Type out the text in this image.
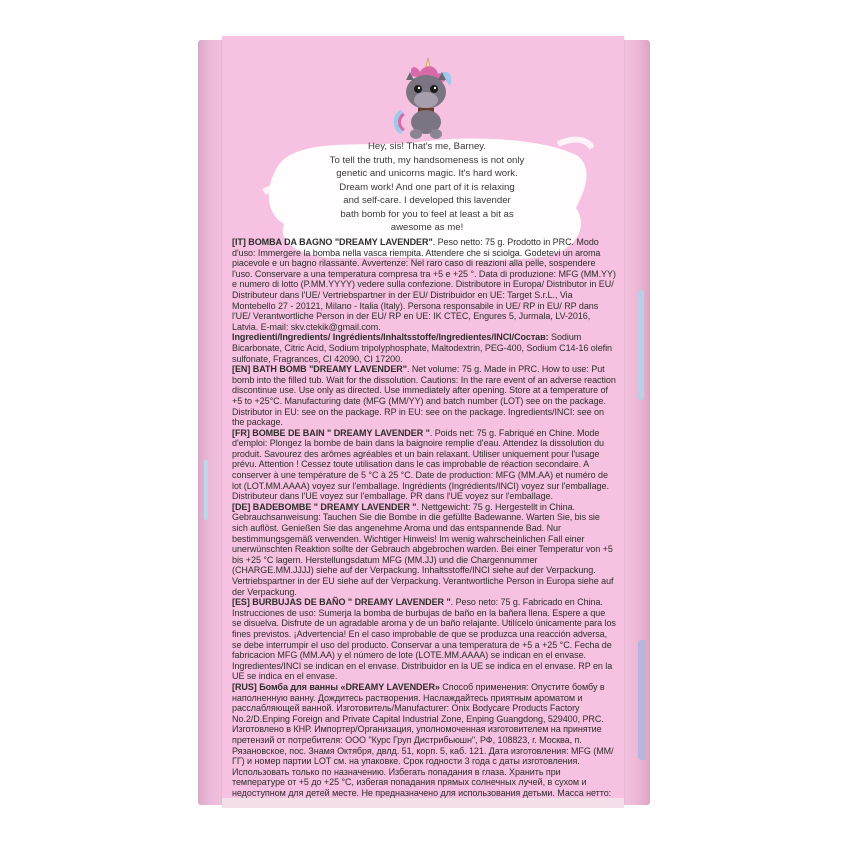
Hey, sis! That's me, Barney.
To tell the truth, my handsomeness is not only
genetic and unicorns magic. It's hard work.
Dream work! And one part of it is relaxing
and self-care. I developed this lavender
bath bomb for you to feel at least a bit as
awesome as me!

[IT] BOMBA DA BAGNO "DREAMY LAVENDER". Peso netto: 75 g. Prodotto in PRC. Modo d'uso: Immergere la bomba nella vasca riempita. Attendere che si sciolga. Godetevi un aroma piacevole e un bagno rilassante. Avvertenze: Nel raro caso di reazioni alla pelle, sospendere l'uso. Conservare a una temperatura compresa tra +5 e +25 °. Data di produzione: MFG (MM.YY) e numero di lotto (P.MM.YYYY) vedere sulla confezione. Distributore in Europa/ Distributor in EU/ Distributeur dans l'UE/ Vertriebspartner in der EU/ Distribuidor en UE: Target S.r.L., Via Montebello 27 - 20121, Milano - Italia (Italy). Persona responsabile in UE/ RP in EU/ RP dans l'UE/ Verantwortliche Person in der EU/ RP en UE: IK CTEC, Engures 5, Jurmala, LV-2016, Latvia. E-mail: skv.ctekik@gmail.com.

Ingredienti/Ingredients/ Ingrédients/Inhaltsstoffe/Ingredientes/INCI/Состав: Sodium Bicarbonate, Citric Acid, Sodium tripolyphosphate, Maltodextrin, PEG-400, Sodium C14-16 olefin sulfonate, Fragrances, CI 42090, CI 17200.

[EN] BATH BOMB "DREAMY LAVENDER". Net volume: 75 g. Made in PRC. How to use: Put bomb into the filled tub. Wait for the dissolution. Cautions: In the rare event of an adverse reaction discontinue use. Use only as directed. Use immediately after opening. Store at a temperature of +5 to +25°C. Manufacturing date (MFG (MM/YY) and batch number (LOT) see on the package. Distributor in EU: see on the package. RP in EU: see on the package. Ingredients/INCI: see on the package.

[FR] BOMBE DE BAIN " DREAMY LAVENDER ". Poids net: 75 g. Fabriqué en Chine. Mode d'emploi: Plongez la bombe de bain dans la baignoire remplie d'eau. Attendez la dissolution du produit. Savourez des arômes agréables et un bain relaxant. Utiliser uniquement pour l'usage prévu. Attention ! Cessez toute utilisation dans le cas improbable de réaction secondaire. A conserver à une température de 5 °C à 25 °C. Date de production: MFG (MM.AA) et numéro de lot (LOT.MM.AAAA) voyez sur l'emballage. Ingrédients (Ingrédients/INCI) voyez sur l'emballage. Distributeur dans l'UE voyez sur l'emballage. PR dans l'UE voyez sur l'emballage.

[DE] BADEBOMBE " DREAMY LAVENDER ". Nettgewicht: 75 g. Hergestellt in China. Gebrauchsanweisung: Tauchen Sie die Bombe in die gefüllte Badewanne. Warten Sie, bis sie sich auflöst. Genießen Sie das angenehme Aroma und das entspannende Bad. Nur bestimmungsgemäß verwenden. Wichtiger Hinweis! Im wenig wahrscheinlichen Fall einer unerwünschten Reaktion sollte der Gebrauch abgebrochen warden. Bei einer Temperatur von +5 bis +25 °C lagern. Herstellungsdatum MFG (MM.JJ) und die Chargennummer (CHARGE.MM.JJJJ) siehe auf der Verpackung. Inhaltsstoffe/INCI siehe auf der Verpackung. Vertriebspartner in der EU siehe auf der Verpackung. Verantwortliche Person in Europa siehe auf der Verpackung.

[ES] BURBUJAS DE BAÑO " DREAMY LAVENDER ". Peso neto: 75 g. Fabricado en China. Instrucciones de uso: Sumerja la bomba de burbujas de baño en la bañera llena. Espere a que se disuelva. Disfrute de un agradable aroma y de un baño relajante. Utilícelo únicamente para los fines previstos. ¡Advertencia! En el caso improbable de que se produzca una reacción adversa, se debe interrumpir el uso del producto. Conservar a una temperatura de +5 a +25 °C. Fecha de fabricacion MFG (MM.AA) y el número de lote (LOTE.MM.AAAA) se indican en el envase. Ingredientes/INCI se indican en el envase. Distribuidor en la UE se indica en el envase. RP en la UE se indica en el envase.

[RUS] Бомба для ванны «DREAMY LAVENDER» Способ применения: Опустите бомбу в наполненную ванну. Дождитесь растворения. Наслаждайтесь приятным ароматом и расслабляющей ванной. Изготовитель/Manufacturer: Onix Bodycare Products Factory No.2/D.Enping Foreign and Private Capital Industrial Zone, Enping Guangdong, 529400, PRC. Изготовлено в КНР. Импортер/Организация, уполномоченная изготовителем на принятие претензий от потребителя: ООО "Курс Груп Дистрибьюшн", РФ, 108823, г. Москва, п. Рязановское, пос. Знамя Октября, двлд. 51, корп. 5, каб. 121. Дата изготовления: MFG (ММ/ГГ) и номер партии LOT см. на упаковке. Срок годности 3 года с даты изготовления. Использовать только по назначению. Избегать попадания в глаза. Хранить при температуре от +5 до +25 °С, избегая попадания прямых солнечных лучей, в сухом и недоступном для детей месте. Не предназначено для использования детьми. Масса нетто:
